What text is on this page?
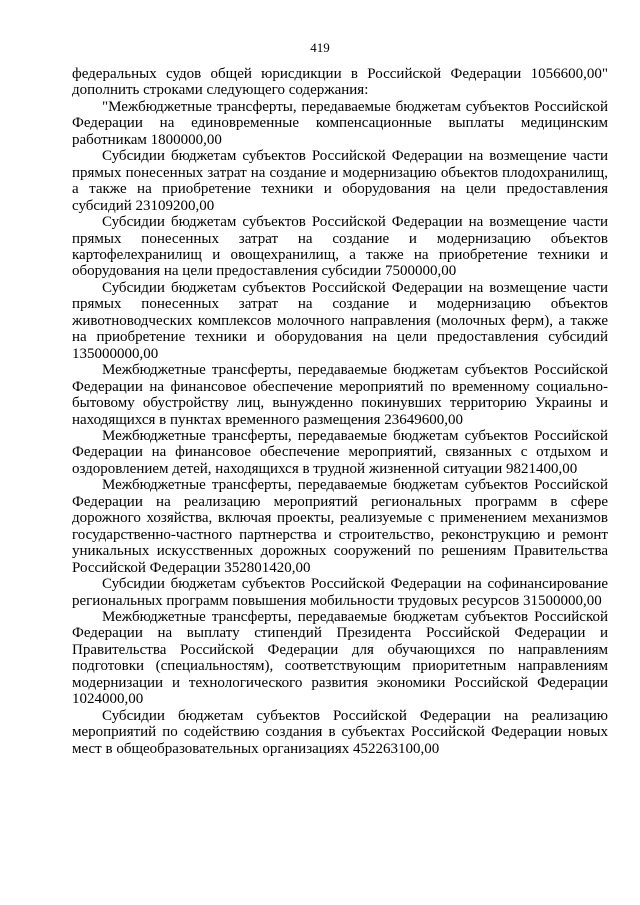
419

федеральных судов общей юрисдикции в Российской Федерации 1056600,00" дополнить строками следующего содержания:

"Межбюджетные трансферты, передаваемые бюджетам субъектов Российской Федерации на единовременные компенсационные выплаты медицинским работникам 1800000,00

Субсидии бюджетам субъектов Российской Федерации на возмещение части прямых понесенных затрат на создание и модернизацию объектов плодохранилищ, а также на приобретение техники и оборудования на цели предоставления субсидий 23109200,00

Субсидии бюджетам субъектов Российской Федерации на возмещение части прямых понесенных затрат на создание и модернизацию объектов картофелехранилищ и овощехранилищ, а также на приобретение техники и оборудования на цели предоставления субсидии 7500000,00

Субсидии бюджетам субъектов Российской Федерации на возмещение части прямых понесенных затрат на создание и модернизацию объектов животноводческих комплексов молочного направления (молочных ферм), а также на приобретение техники и оборудования на цели предоставления субсидий 135000000,00

Межбюджетные трансферты, передаваемые бюджетам субъектов Российской Федерации на финансовое обеспечение мероприятий по временному социально-бытовому обустройству лиц, вынужденно покинувших территорию Украины и находящихся в пунктах временного размещения 23649600,00

Межбюджетные трансферты, передаваемые бюджетам субъектов Российской Федерации на финансовое обеспечение мероприятий, связанных с отдыхом и оздоровлением детей, находящихся в трудной жизненной ситуации 9821400,00

Межбюджетные трансферты, передаваемые бюджетам субъектов Российской Федерации на реализацию мероприятий региональных программ в сфере дорожного хозяйства, включая проекты, реализуемые с применением механизмов государственно-частного партнерства и строительство, реконструкцию и ремонт уникальных искусственных дорожных сооружений по решениям Правительства Российской Федерации 352801420,00

Субсидии бюджетам субъектов Российской Федерации на софинансирование региональных программ повышения мобильности трудовых ресурсов 31500000,00

Межбюджетные трансферты, передаваемые бюджетам субъектов Российской Федерации на выплату стипендий Президента Российской Федерации и Правительства Российской Федерации для обучающихся по направлениям подготовки (специальностям), соответствующим приоритетным направлениям модернизации и технологического развития экономики Российской Федерации 1024000,00

Субсидии бюджетам субъектов Российской Федерации на реализацию мероприятий по содействию создания в субъектах Российской Федерации новых мест в общеобразовательных организациях 452263100,00
